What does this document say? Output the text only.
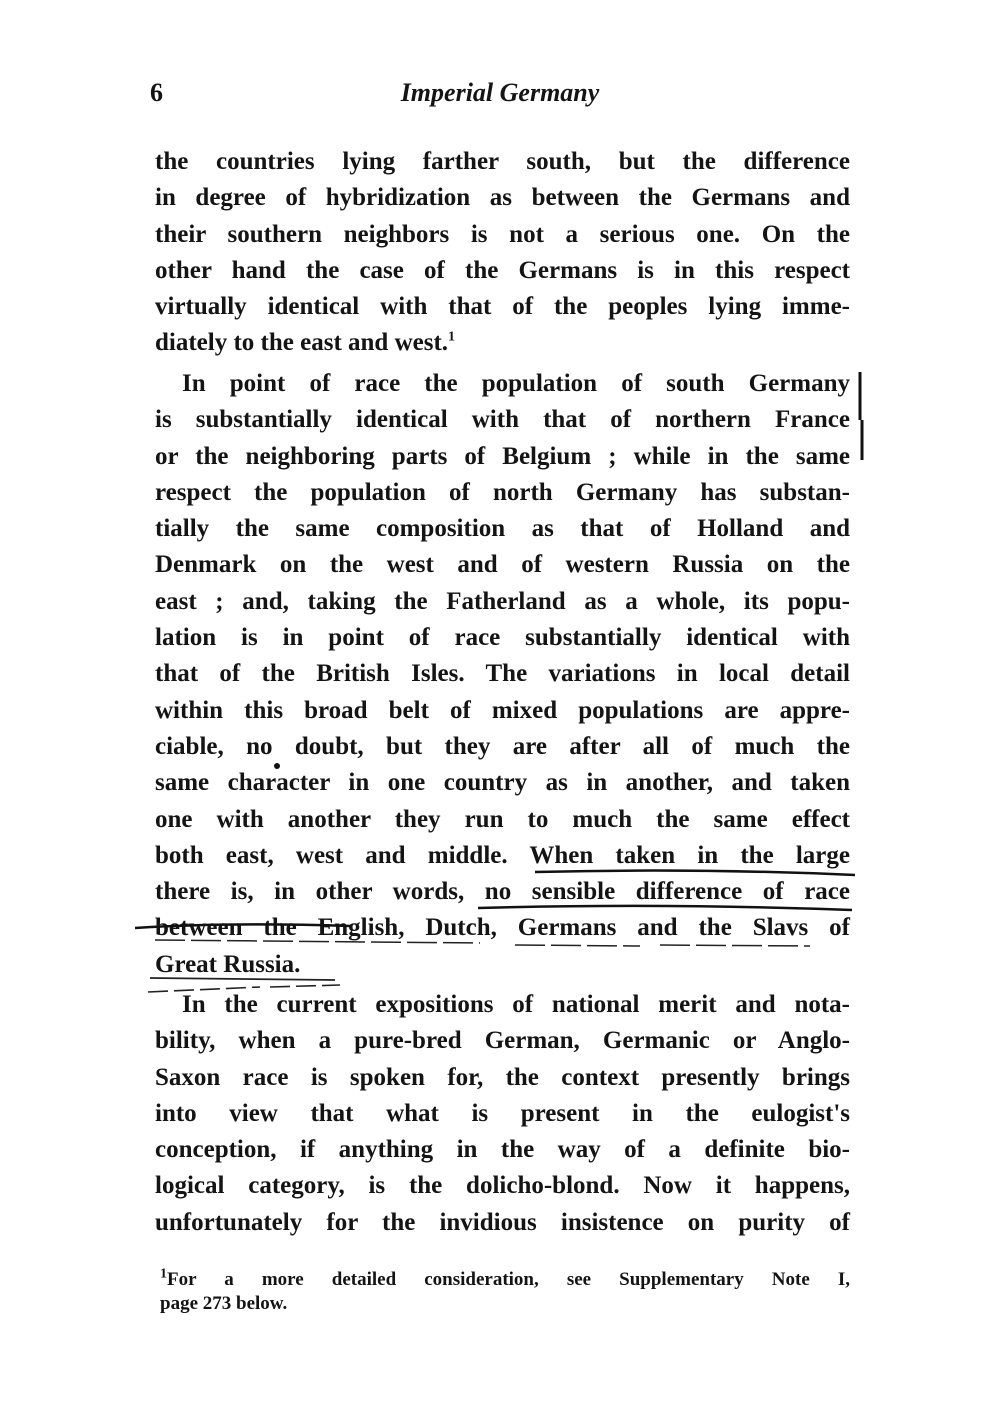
6	Imperial Germany
the countries lying farther south, but the difference
in degree of hybridization as between the Germans and
their southern neighbors is not a serious one. On the
other hand the case of the Germans is in this respect
virtually identical with that of the peoples lying imme-
diately to the east and west.$^1$
In point of race the population of south Germany
is substantially identical with that of northern France
or the neighboring parts of Belgium ; while in the same
respect the population of north Germany has substan-
tially the same composition as that of Holland and
Denmark on the west and of western Russia on the
east ; and, taking the Fatherland as a whole, its popu-
lation is in point of race substantially identical with
that of the British Isles. The variations in local detail
within this broad belt of mixed populations are appre-
ciable, no doubt, but they are after all of much the
same character in one country as in another, and taken
one with another they run to much the same effect
both east, west and middle. When taken in the large
there is, in other words, no sensible difference of race
between the English, Dutch, Germans and the Slavs of
Great Russia.
In the current expositions of national merit and nota-
bility, when a pure-bred German, Germanic or Anglo-
Saxon race is spoken for, the context presently brings
into view that what is present in the eulogist's
conception, if anything in the way of a definite bio-
logical category, is the dolicho-blond. Now it happens,
unfortunately for the invidious insistence on purity of
$^1$For a more detailed consideration, see Supplementary Note I,
page 273 below.
